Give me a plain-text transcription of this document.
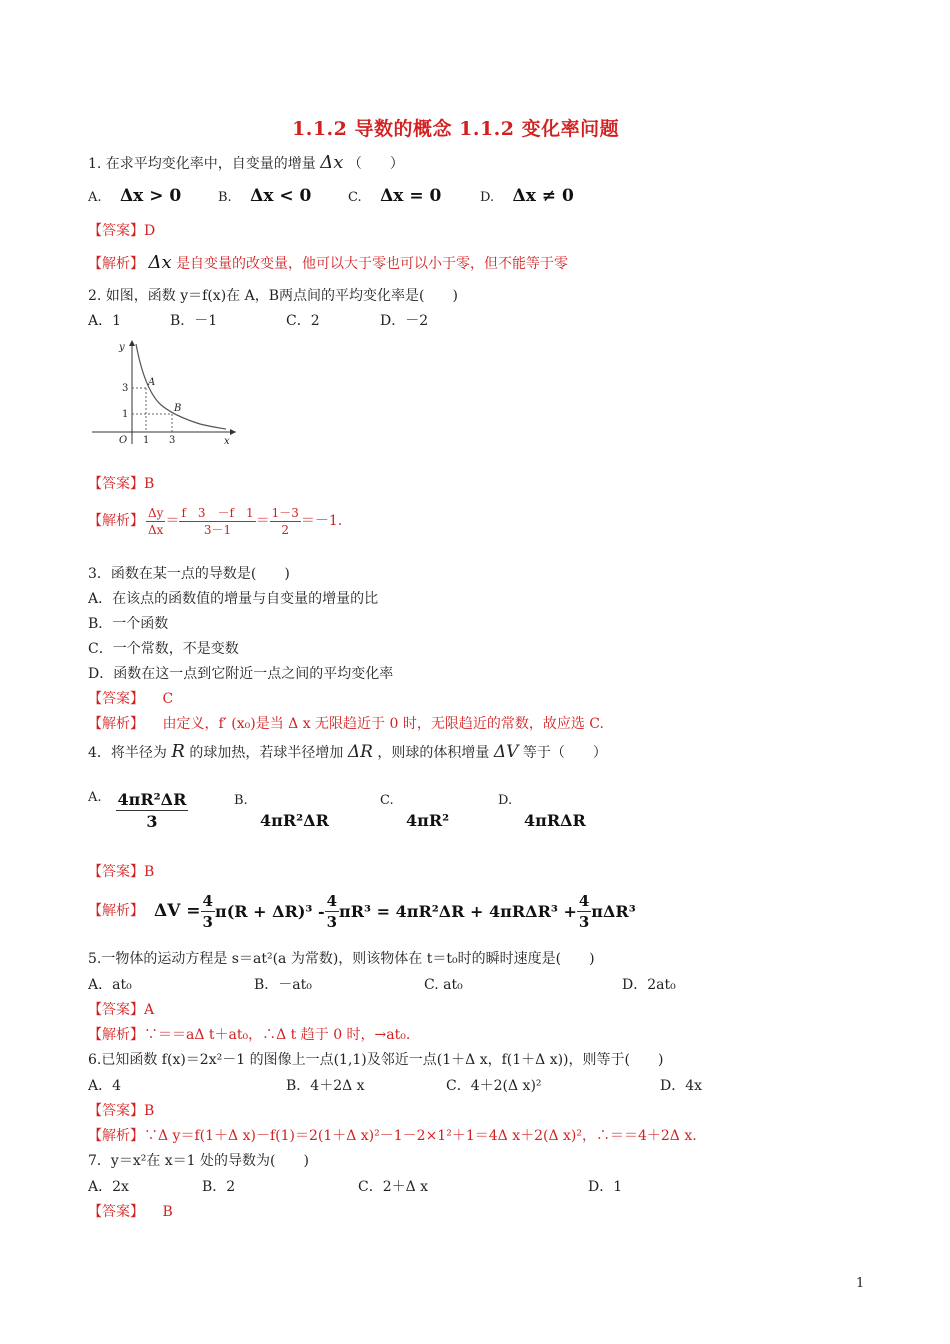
1.1.2 导数的概念 1.1.2 变化率问题
1. 在求平均变化率中，自变量的增量 Δx （　　）
A. Δx > 0	B. Δx < 0	C. Δx = 0	D. Δx ≠ 0
【答案】D
【解析】 Δx 是自变量的改变量，他可以大于零也可以小于零，但不能等于零
2. 如图，函数 y＝f(x)在 A，B两点间的平均变化率是(　　)
A．1	B．－1	C．2	D．－2
y
x
O
3
1
1 3
A
B
【答案】B
【解析】 $\frac{\Delta y}{\Delta x} = \frac{f 3 -f 1}{3-1} = \frac{1-3}{2} =-1$.
3．函数在某一点的导数是(　　)
A．在该点的函数值的增量与自变量的增量的比
B．一个函数
C．一个常数，不是变数
D．函数在这一点到它附近一点之间的平均变化率
【答案】 C
【解析】 由定义，f′ (x₀)是当 Δ x 无限趋近于 0 时，无限趋近的常数，故应选 C.
4．将半径为 R 的球加热，若球半径增加 ΔR ，则球的体积增量 ΔV 等于（　　）
A. $\frac{\text{4πR²ΔR}}{3}$	B.
4πR²ΔR
C.
4πR²
D.
4πRΔR
【答案】B
【解析】 $\Delta V = \frac{4}{3} \pi(R + \Delta R)^3 - \frac{4}{3} \pi R^3 = 4\pi R^2\Delta R + 4\pi R\Delta R^3 + \frac{4}{3} \pi\Delta R^3$
5.一物体的运动方程是 s＝at²(a 为常数)，则该物体在 t＝t₀时的瞬时速度是(　　)
A．at₀	B．－at₀	C. at₀	D．2at₀
【答案】A
【解析】∵＝＝aΔ t＋at₀，∴Δ t 趋于 0 时，→at₀.
6.已知函数 f(x)＝2x²－1 的图像上一点(1,1)及邻近一点(1＋Δ x，f(1＋Δ x))，则等于(　　)
A．4	B．4＋2Δ x	C．4＋2(Δ x)²	D．4x
【答案】B
【解析】∵Δ y＝f(1＋Δ x)－f(1)＝2(1＋Δ x)²－1－2×1²＋1＝4Δ x＋2(Δ x)²，∴＝＝4＋2Δ x.
7．y＝x²在 x＝1 处的导数为(　　)
A．2x	B．2	C．2＋Δ x	D．1
【答案】 B
1
